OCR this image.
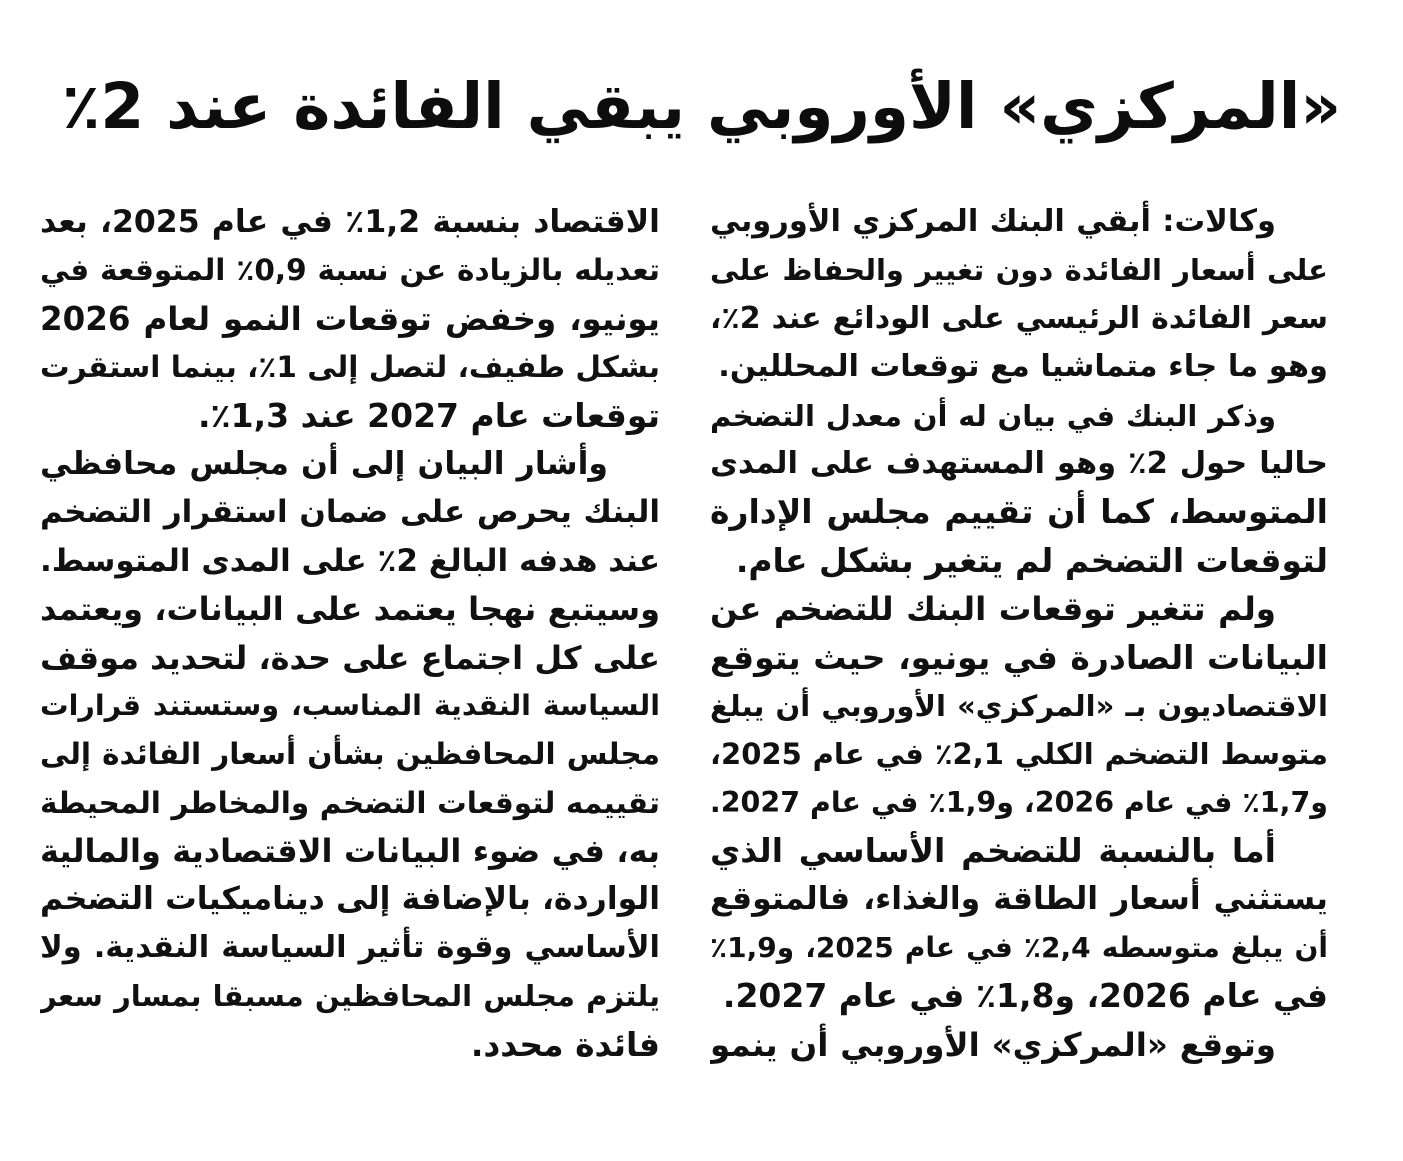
«المركزي» الأوروبي يبقي الفائدة عند 2٪
وكالات: أبقي البنك المركزي الأوروبي
على أسعار الفائدة دون تغيير والحفاظ على
سعر الفائدة الرئيسي على الودائع عند 2٪،
وهو ما جاء متماشيا مع توقعات المحللين.
وذكر البنك في بيان له أن معدل التضخم
حاليا حول 2٪ وهو المستهدف على المدى
المتوسط، كما أن تقييم مجلس الإدارة
لتوقعات التضخم لم يتغير بشكل عام.
ولم تتغير توقعات البنك للتضخم عن
البيانات الصادرة في يونيو، حيث يتوقع
الاقتصاديون بـ «المركزي» الأوروبي أن يبلغ
متوسط التضخم الكلي 2,1٪ في عام 2025،
و1,7٪ في عام 2026، و1,9٪ في عام 2027.
أما بالنسبة للتضخم الأساسي الذي
يستثني أسعار الطاقة والغذاء، فالمتوقع
أن يبلغ متوسطه 2,4٪ في عام 2025، و1,9٪
في عام 2026، و1,8٪ في عام 2027.
وتوقع «المركزي» الأوروبي أن ينمو
الاقتصاد بنسبة 1,2٪ في عام 2025، بعد
تعديله بالزيادة عن نسبة 0,9٪ المتوقعة في
يونيو، وخفض توقعات النمو لعام 2026
بشكل طفيف، لتصل إلى 1٪، بينما استقرت
توقعات عام 2027 عند 1,3٪.
وأشار البيان إلى أن مجلس محافظي
البنك يحرص على ضمان استقرار التضخم
عند هدفه البالغ 2٪ على المدى المتوسط.
وسيتبع نهجا يعتمد على البيانات، ويعتمد
على كل اجتماع على حدة، لتحديد موقف
السياسة النقدية المناسب، وستستند قرارات
مجلس المحافظين بشأن أسعار الفائدة إلى
تقييمه لتوقعات التضخم والمخاطر المحيطة
به، في ضوء البيانات الاقتصادية والمالية
الواردة، بالإضافة إلى ديناميكيات التضخم
الأساسي وقوة تأثير السياسة النقدية. ولا
يلتزم مجلس المحافظين مسبقا بمسار سعر
فائدة محدد.
